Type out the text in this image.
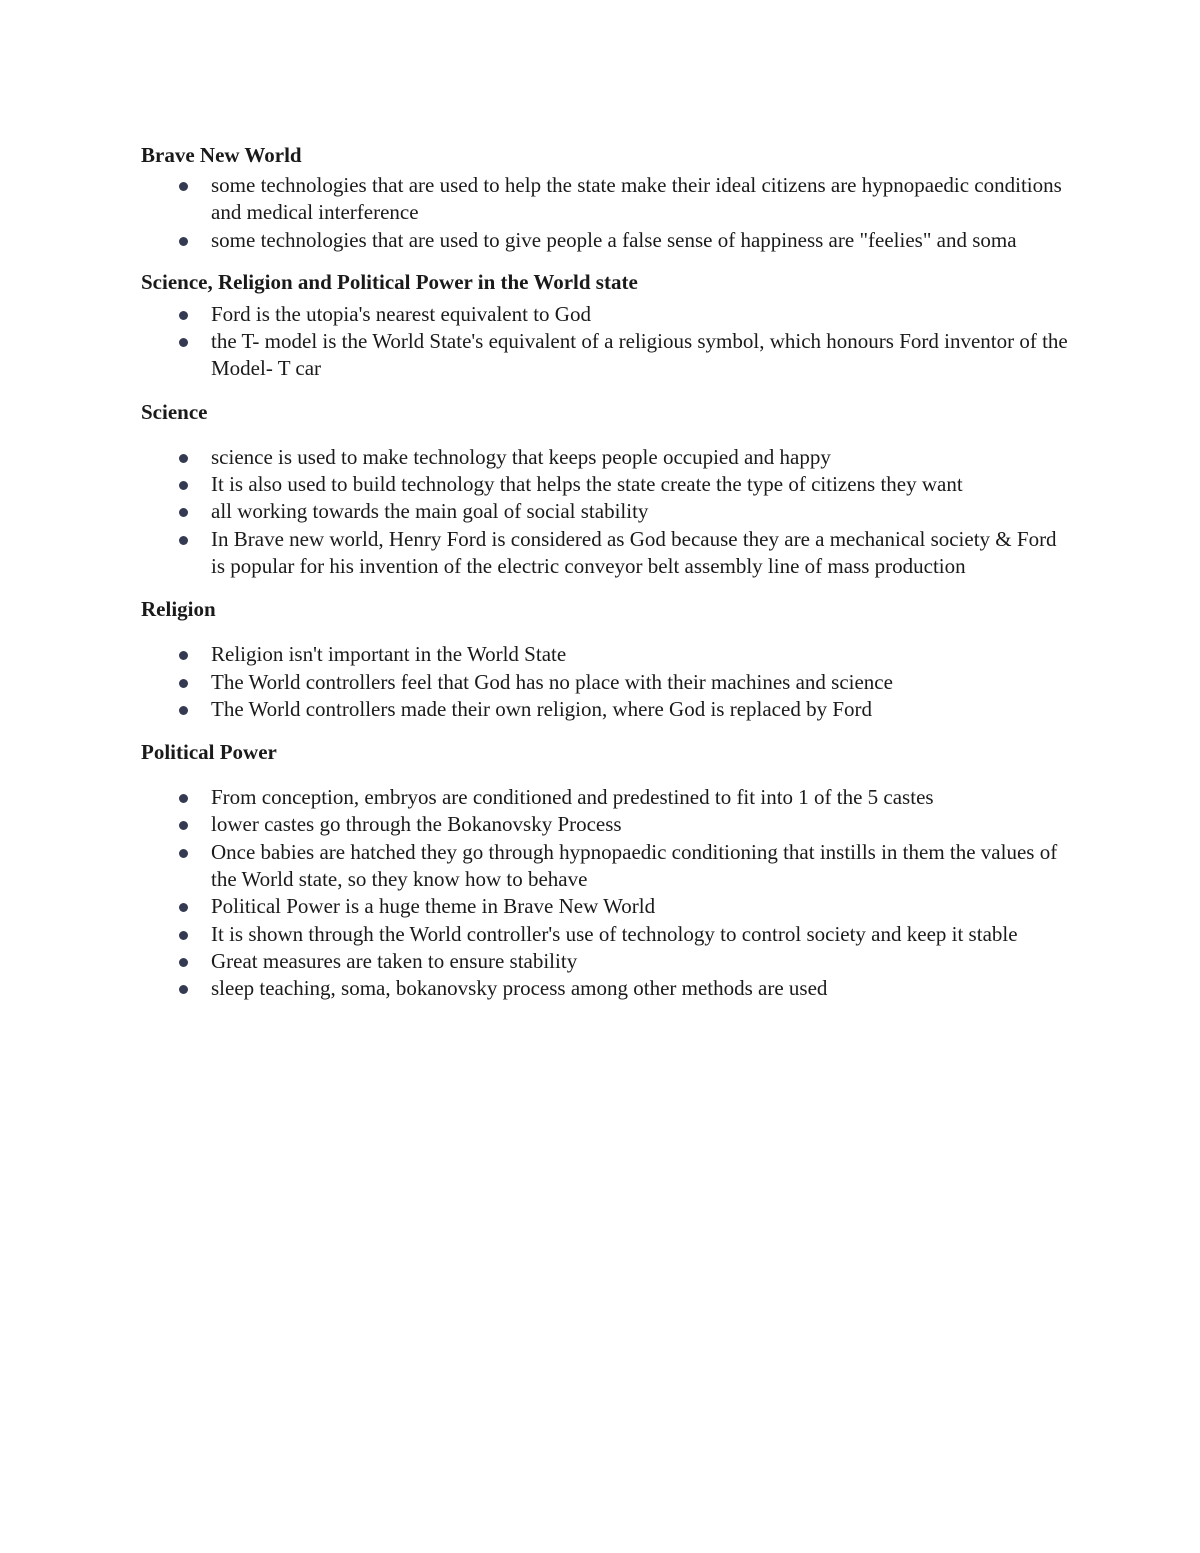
Brave New World

some technologies that are used to help the state make their ideal citizens are hypnopaedic conditions and medical interference
some technologies that are used to give people a false sense of happiness are "feelies" and soma

Science, Religion and Political Power in the World state

Ford is the utopia's nearest equivalent to God
the T- model is the World State's equivalent of a religious symbol, which honours Ford inventor of the Model- T car

Science

science is used to make technology that keeps people occupied and happy
It is also used to build technology that helps the state create the type of citizens they want
all working towards the main goal of social stability
In Brave new world, Henry Ford is considered as God because they are a mechanical society & Ford is popular for his invention of the electric conveyor belt assembly line of mass production

Religion

Religion isn't important in the World State
The World controllers feel that God has no place with their machines and science
The World controllers made their own religion, where God is replaced by Ford

Political Power

From conception, embryos are conditioned and predestined to fit into 1 of the 5 castes
lower castes go through the Bokanovsky Process
Once babies are hatched they go through hypnopaedic conditioning that instills in them the values of the World state, so they know how to behave
Political Power is a huge theme in Brave New World
It is shown through the World controller's use of technology to control society and keep it stable
Great measures are taken to ensure stability
sleep teaching, soma, bokanovsky process among other methods are used
